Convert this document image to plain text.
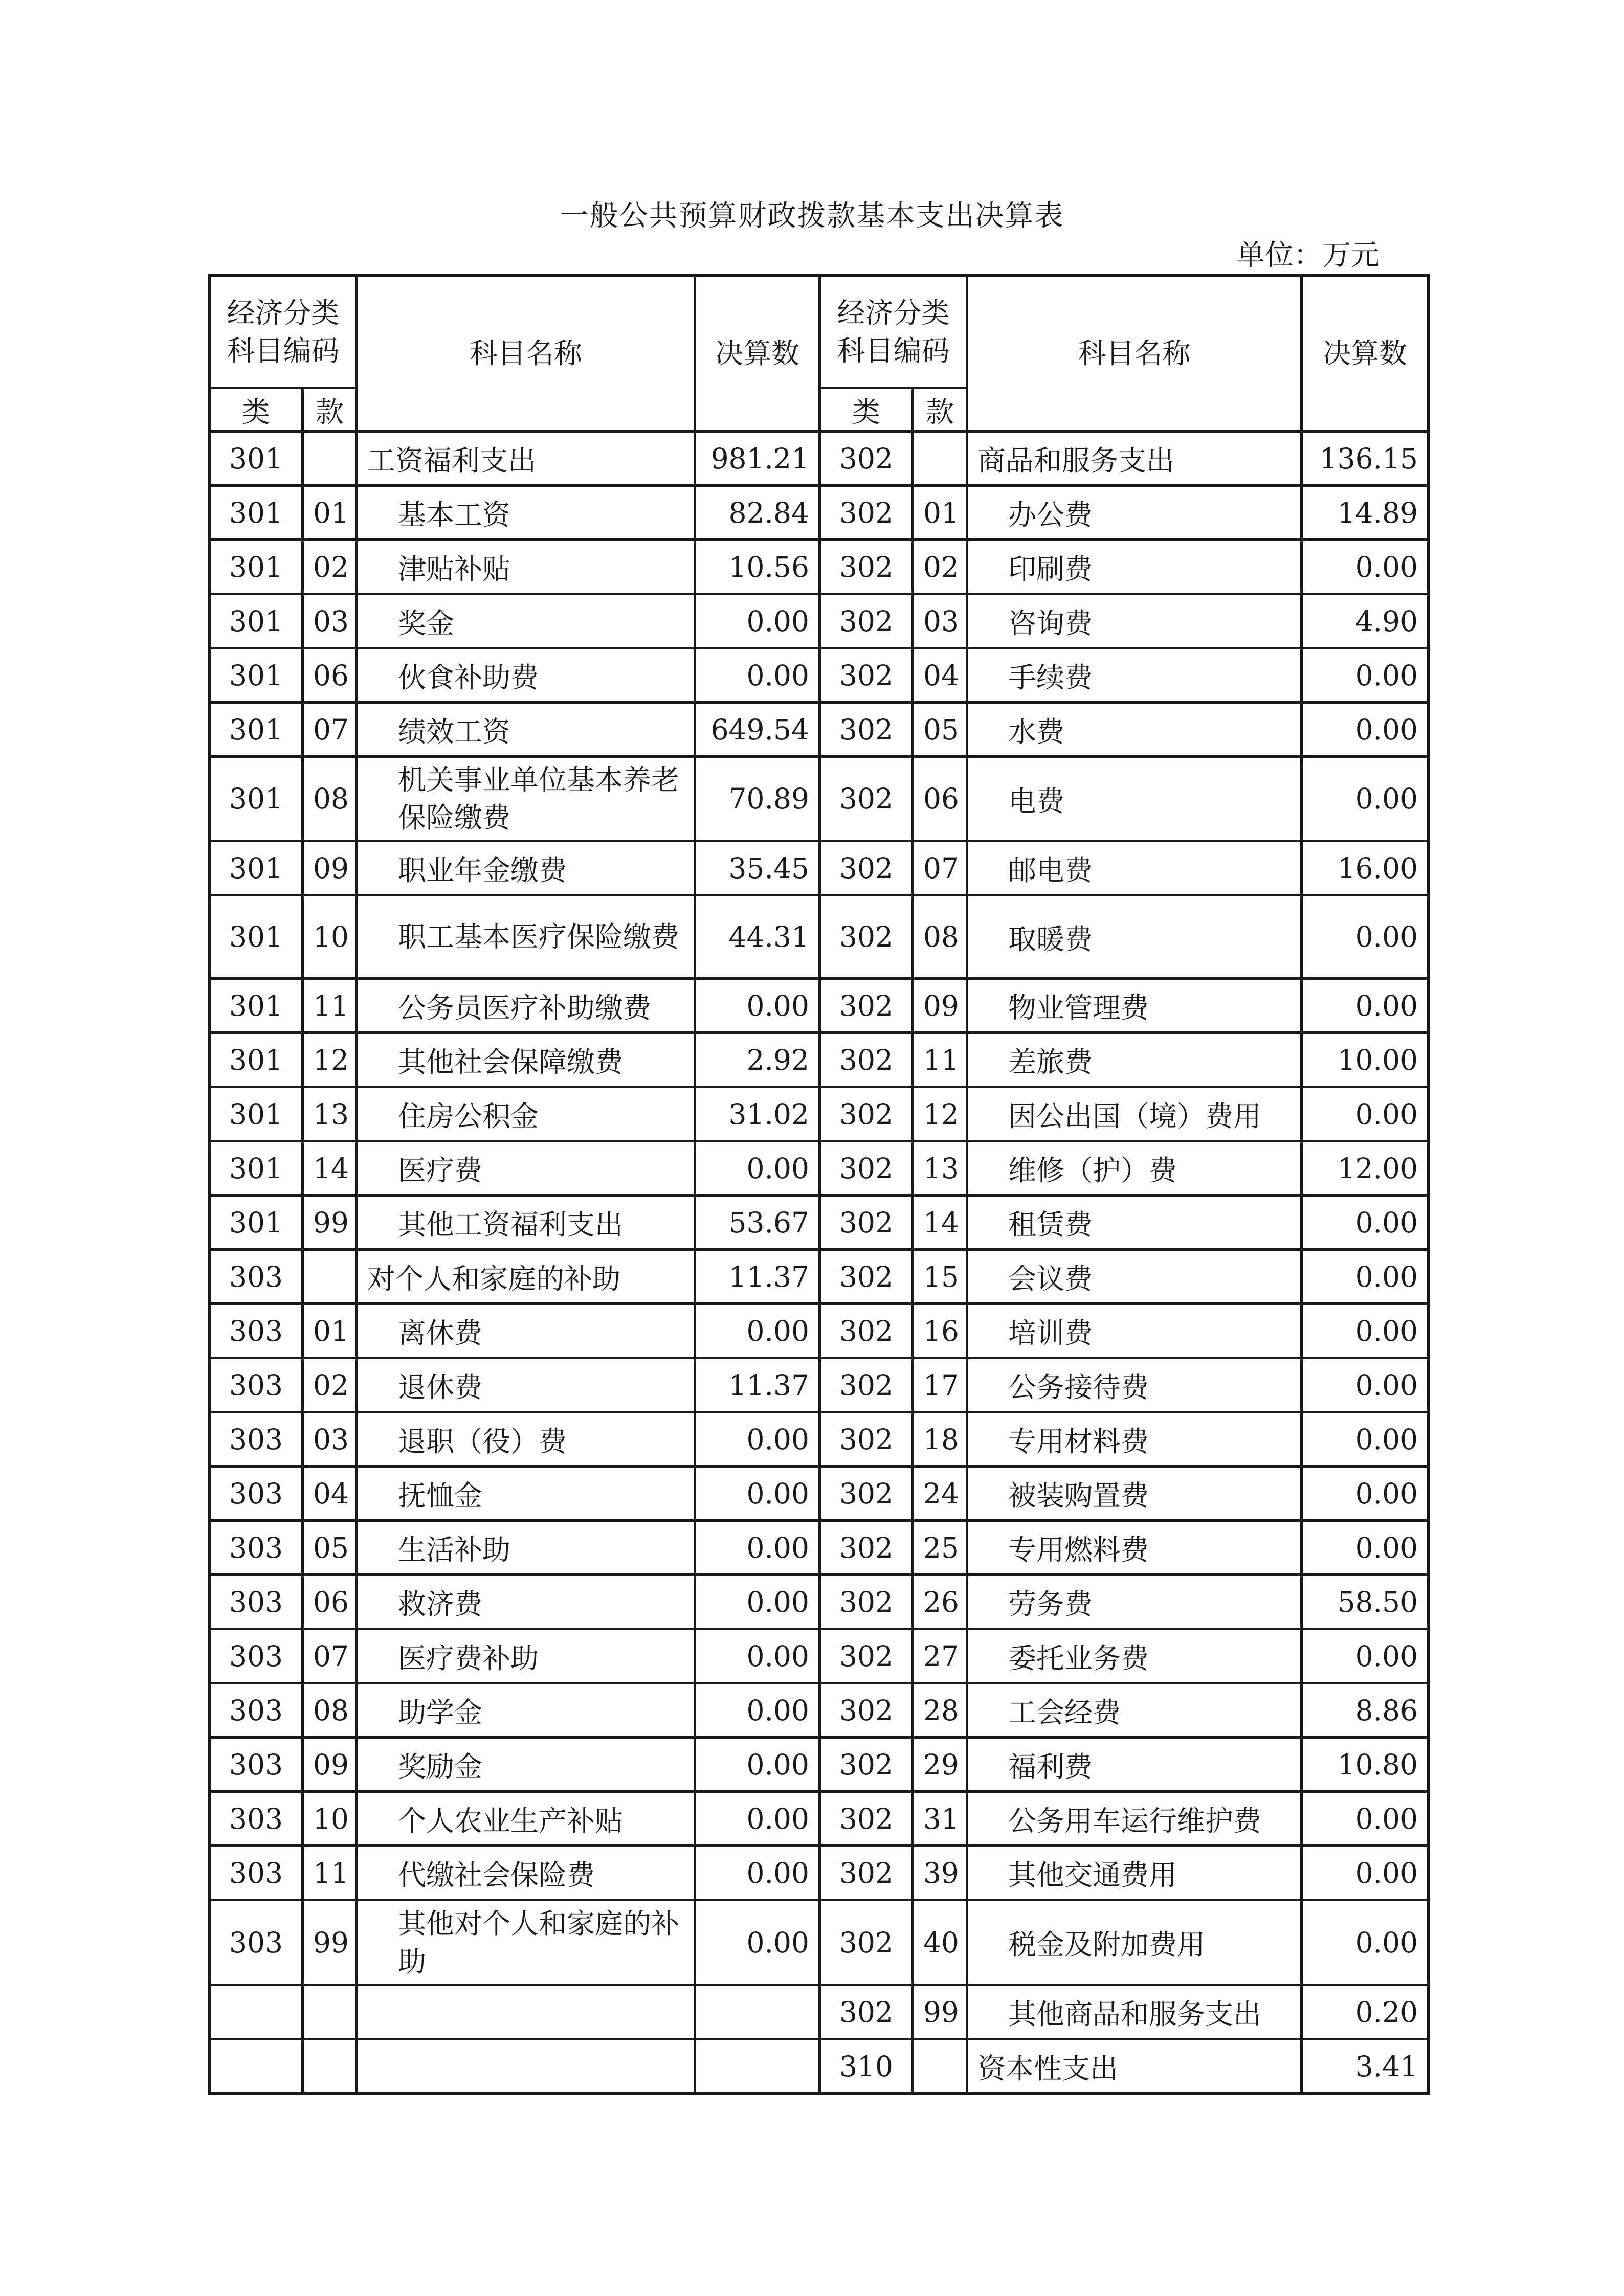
一般公共预算财政拨款基本支出决算表
单位：万元
经济分类科目编码		科目名称	决算数	经济分类科目编码		科目名称	决算数
类	款			类	款		
301		工资福利支出	981.21	302		商品和服务支出	136.15
301	01	基本工资	82.84	302	01	办公费	14.89
301	02	津贴补贴	10.56	302	02	印刷费	0.00
301	03	奖金	0.00	302	03	咨询费	4.90
301	06	伙食补助费	0.00	302	04	手续费	0.00
301	07	绩效工资	649.54	302	05	水费	0.00
301	08	机关事业单位基本养老保险缴费	70.89	302	06	电费	0.00
301	09	职业年金缴费	35.45	302	07	邮电费	16.00
301	10	职工基本医疗保险缴费	44.31	302	08	取暖费	0.00
301	11	公务员医疗补助缴费	0.00	302	09	物业管理费	0.00
301	12	其他社会保障缴费	2.92	302	11	差旅费	10.00
301	13	住房公积金	31.02	302	12	因公出国（境）费用	0.00
301	14	医疗费	0.00	302	13	维修（护）费	12.00
301	99	其他工资福利支出	53.67	302	14	租赁费	0.00
303		对个人和家庭的补助	11.37	302	15	会议费	0.00
303	01	离休费	0.00	302	16	培训费	0.00
303	02	退休费	11.37	302	17	公务接待费	0.00
303	03	退职（役）费	0.00	302	18	专用材料费	0.00
303	04	抚恤金	0.00	302	24	被装购置费	0.00
303	05	生活补助	0.00	302	25	专用燃料费	0.00
303	06	救济费	0.00	302	26	劳务费	58.50
303	07	医疗费补助	0.00	302	27	委托业务费	0.00
303	08	助学金	0.00	302	28	工会经费	8.86
303	09	奖励金	0.00	302	29	福利费	10.80
303	10	个人农业生产补贴	0.00	302	31	公务用车运行维护费	0.00
303	11	代缴社会保险费	0.00	302	39	其他交通费用	0.00
303	99	其他对个人和家庭的补助	0.00	302	40	税金及附加费用	0.00
				302	99	其他商品和服务支出	0.20
				310		资本性支出	3.41
